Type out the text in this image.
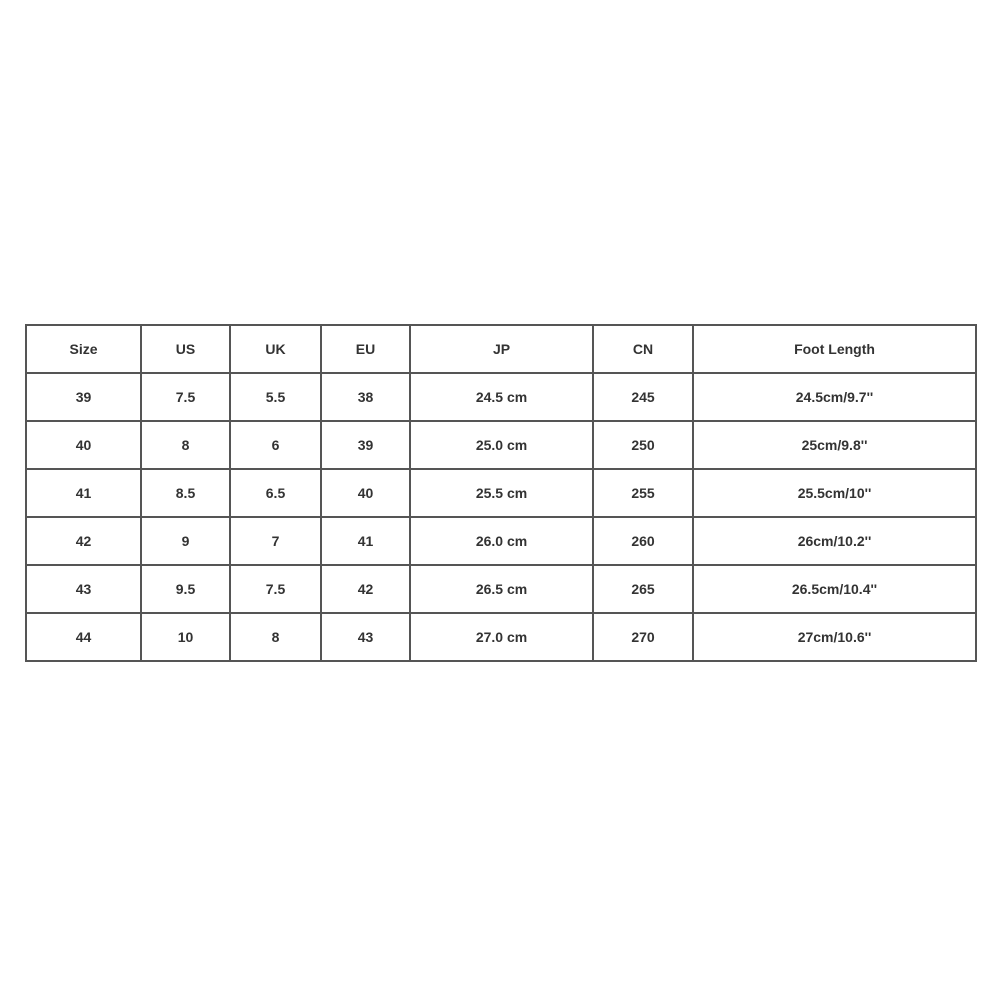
Size	US	UK	EU	JP	CN	Foot Length
39	7.5	5.5	38	24.5 cm	245	24.5cm/9.7''
40	8	6	39	25.0 cm	250	25cm/9.8''
41	8.5	6.5	40	25.5 cm	255	25.5cm/10''
42	9	7	41	26.0 cm	260	26cm/10.2''
43	9.5	7.5	42	26.5 cm	265	26.5cm/10.4''
44	10	8	43	27.0 cm	270	27cm/10.6''
